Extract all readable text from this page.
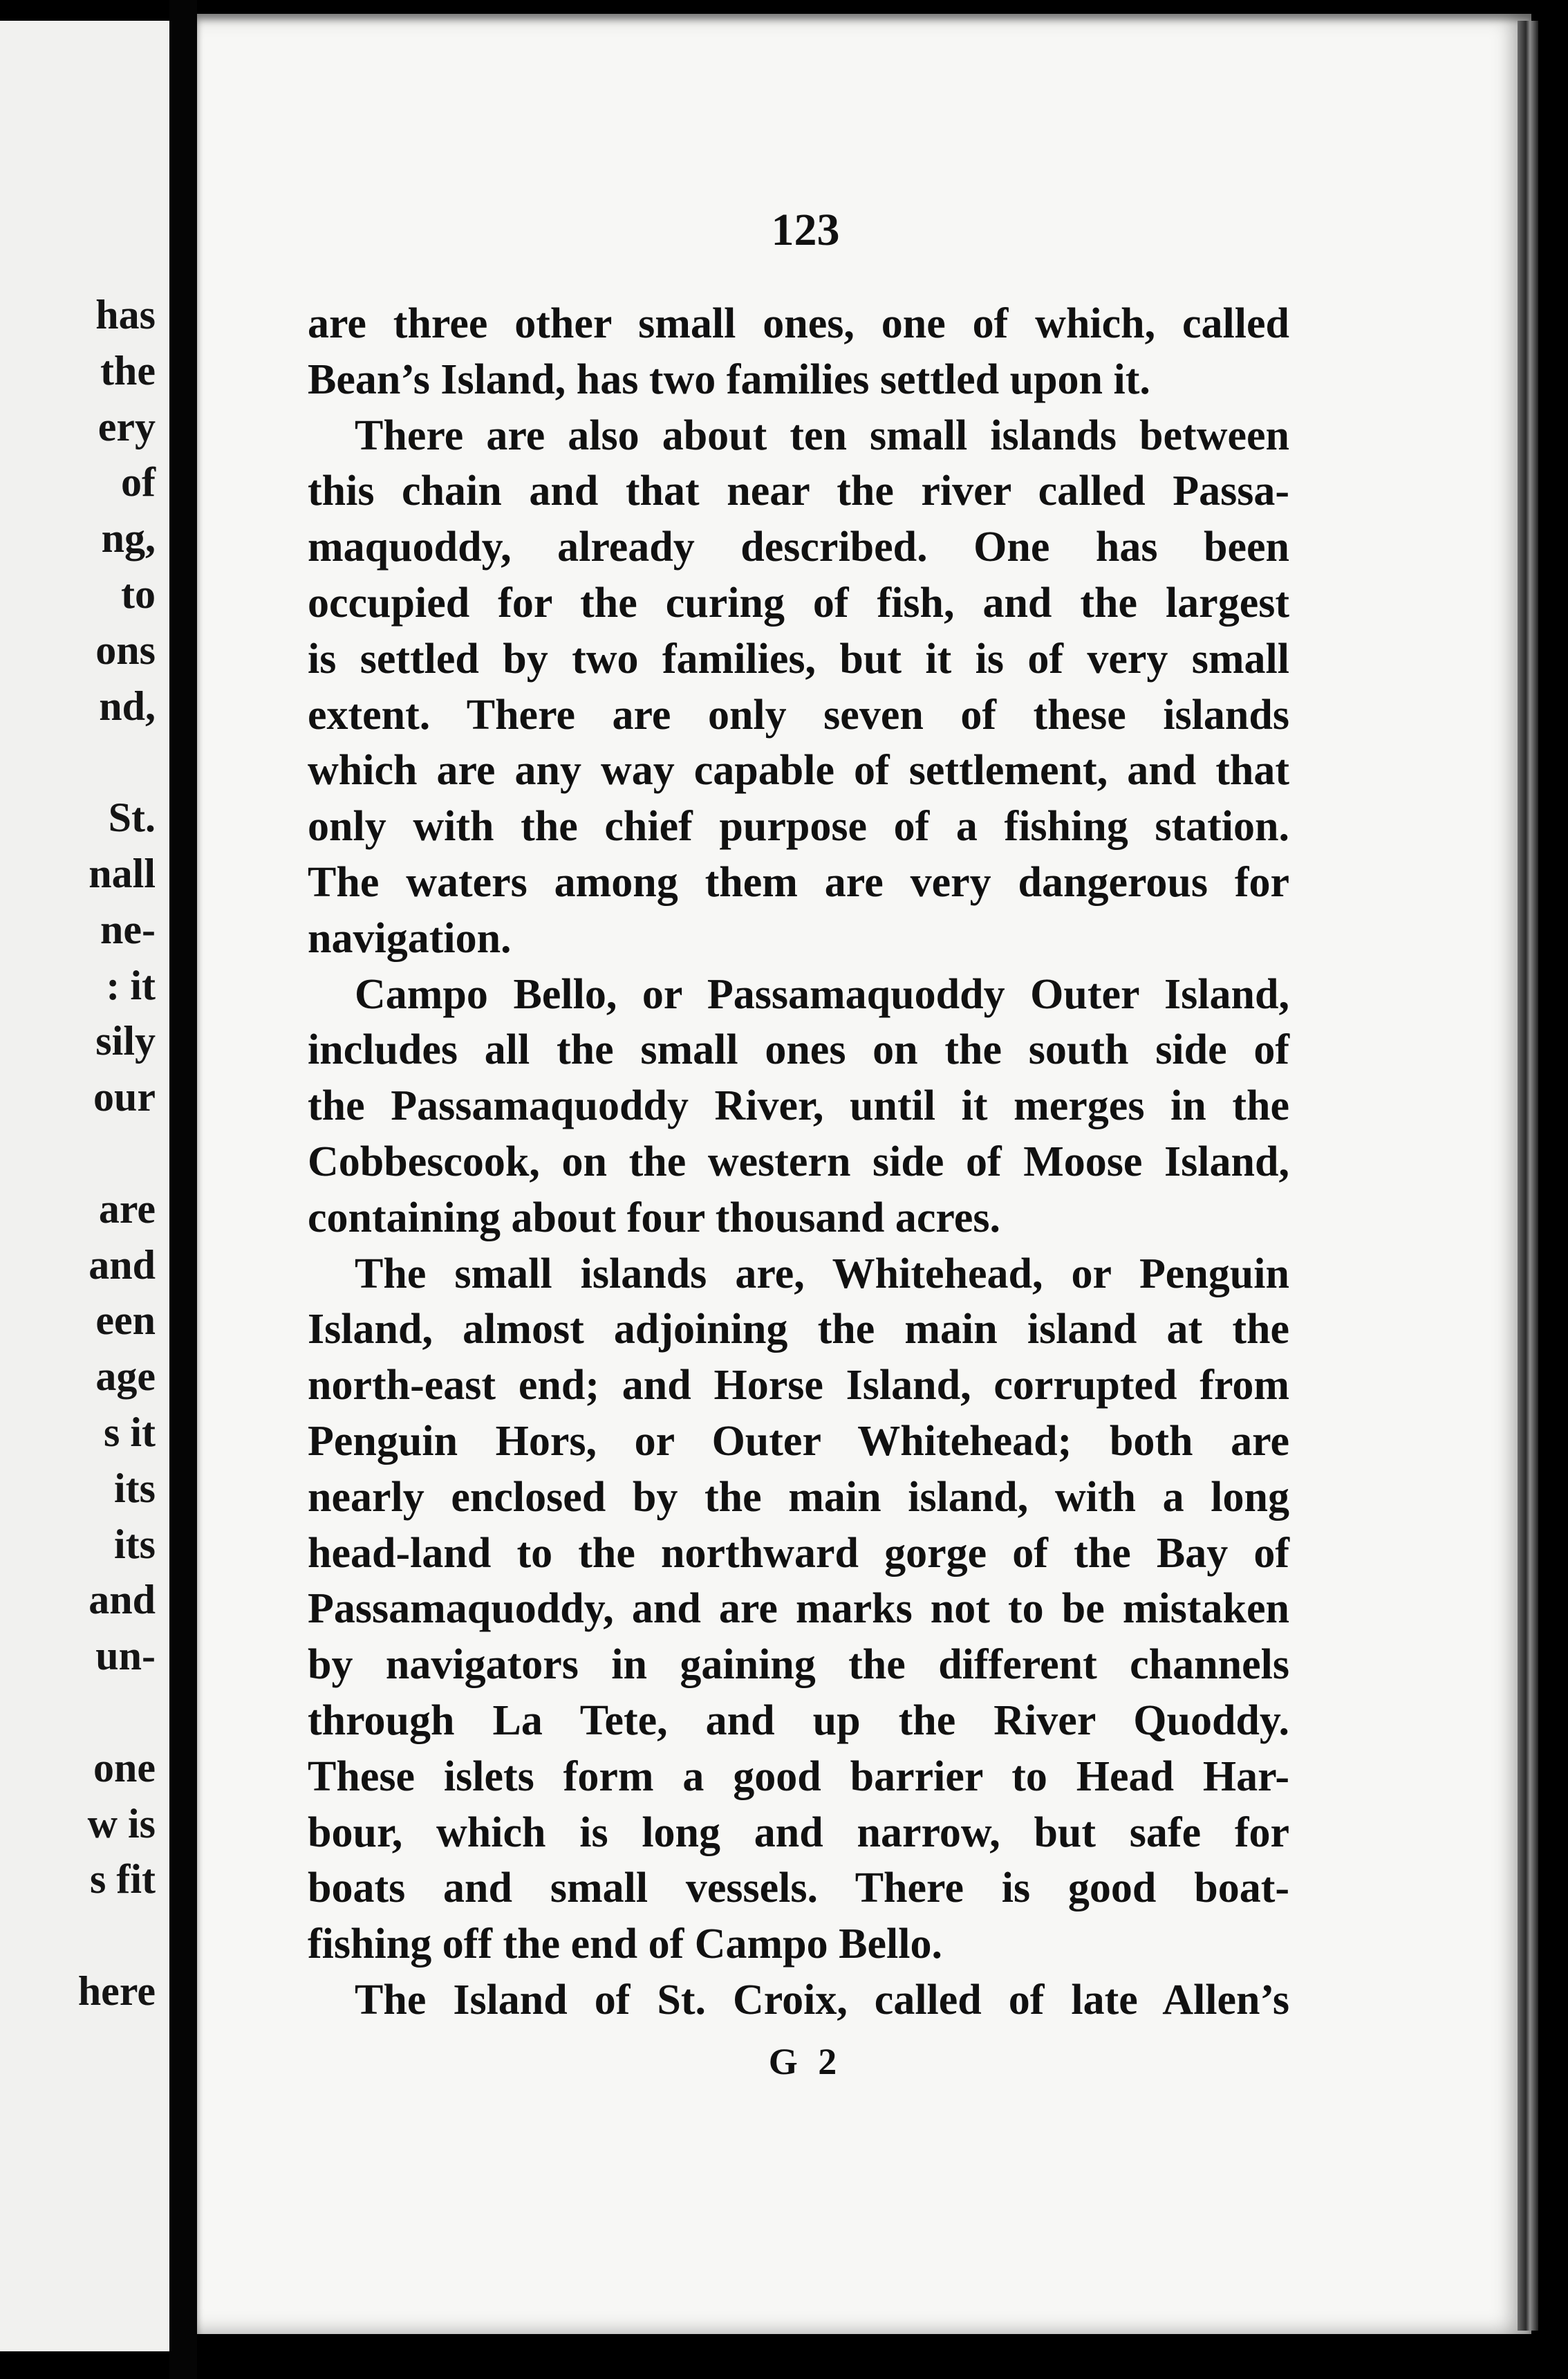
has
the
ery
of
ng,
to
ons
nd,
St.
nall
ne-
: it
sily
our
are
and
een
age
s it
its
its
and
un-
one
w is
s fit
here
123
are three other small ones, one of which, called
Bean’s Island, has two families settled upon it.
There are also about ten small islands between
this chain and that near the river called Passa-
maquoddy, already described. One has been
occupied for the curing of fish, and the largest
is settled by two families, but it is of very small
extent. There are only seven of these islands
which are any way capable of settlement, and that
only with the chief purpose of a fishing station.
The waters among them are very dangerous for
navigation.
Campo Bello, or Passamaquoddy Outer Island,
includes all the small ones on the south side of
the Passamaquoddy River, until it merges in the
Cobbescook, on the western side of Moose Island,
containing about four thousand acres.
The small islands are, Whitehead, or Penguin
Island, almost adjoining the main island at the
north-east end; and Horse Island, corrupted from
Penguin Hors, or Outer Whitehead; both are
nearly enclosed by the main island, with a long
head-land to the northward gorge of the Bay of
Passamaquoddy, and are marks not to be mistaken
by navigators in gaining the different channels
through La Tete, and up the River Quoddy.
These islets form a good barrier to Head Har-
bour, which is long and narrow, but safe for
boats and small vessels. There is good boat-
fishing off the end of Campo Bello.
The Island of St. Croix, called of late Allen’s
G 2
